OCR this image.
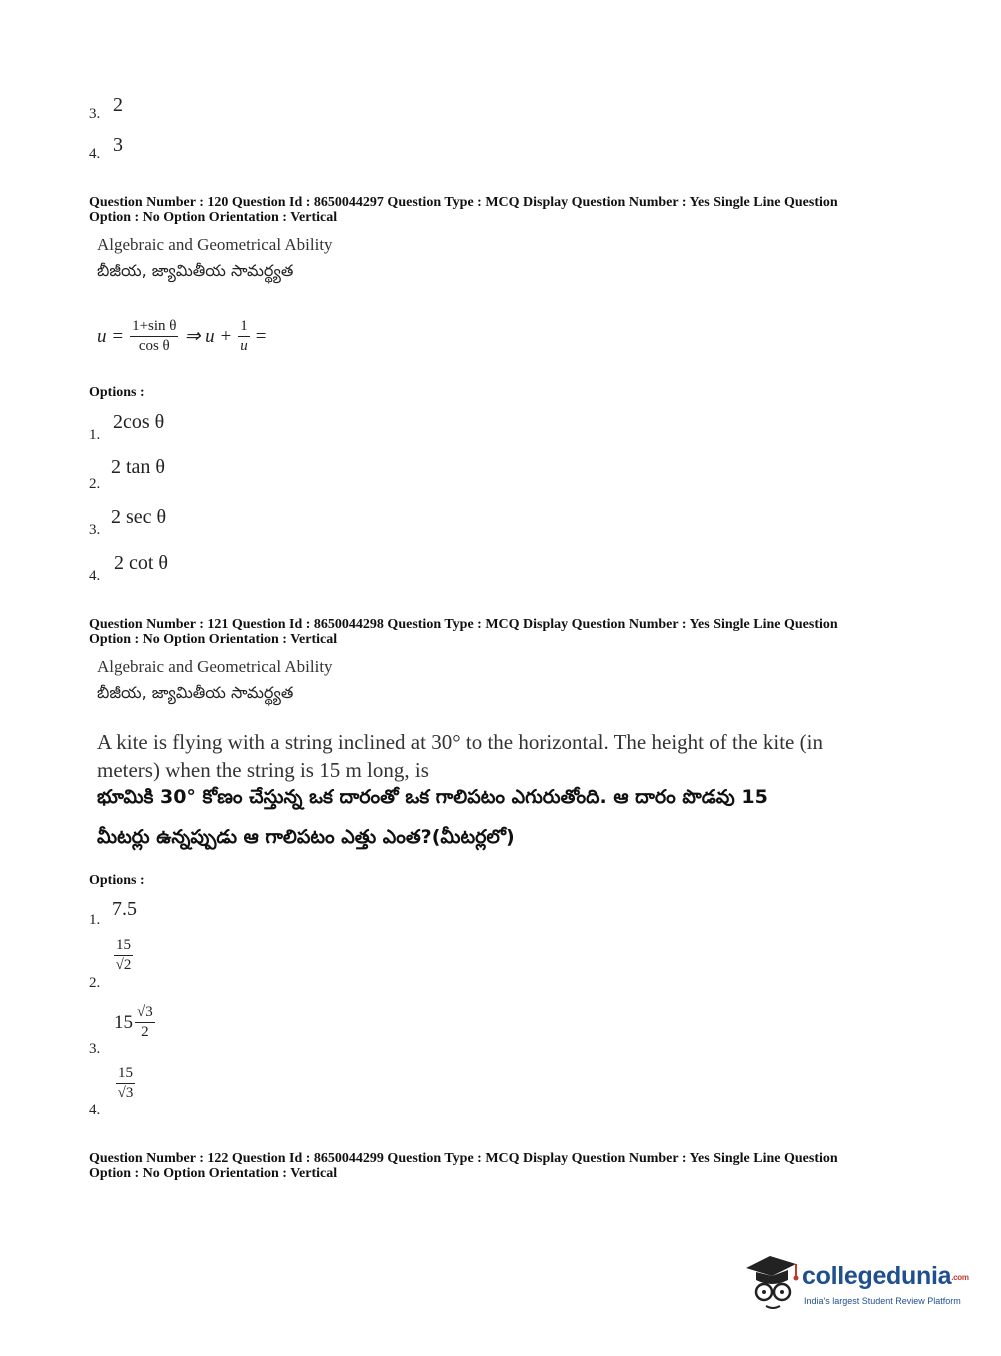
3. 2
4. 3
Question Number : 120 Question Id : 8650044297 Question Type : MCQ Display Question Number : Yes Single Line Question
Option : No Option Orientation : Vertical
Algebraic and Geometrical Ability
బీజీయ, జ్యామితీయ సామర్థ్యత
$u = \frac{\text{1+sin θ}}{\text{cos θ}}$ ⇒ $u + \frac{1}{u}$ =
Options :
1.
2cos θ
2.
2 tan θ
3.
2 sec θ
4.
2 cot θ
Question Number : 121 Question Id : 8650044298 Question Type : MCQ Display Question Number : Yes Single Line Question
Option : No Option Orientation : Vertical
Algebraic and Geometrical Ability
బీజీయ, జ్యామితీయ సామర్థ్యత
A kite is flying with a string inclined at 30° to the horizontal. The height of the kite (in
meters) when the string is 15 m long, is
భూమికి 30° కోణం చేస్తున్న ఒక దారంతో ఒక గాలిపటం ఎగురుతోంది. ఆ దారం పొడవు 15
మీటర్లు ఉన్నప్పుడు ఆ గాలిపటం ఎత్తు ఎంత?(మీటర్లలో)
Options :
1. 7.5
2.
$\frac{15}{√2}$
3.
$15 \frac{√3}{2}$
4.
$\frac{15}{√3}$
Question Number : 122 Question Id : 8650044299 Question Type : MCQ Display Question Number : Yes Single Line Question
Option : No Option Orientation : Vertical
collegedunia.com
India's largest Student Review Platform
